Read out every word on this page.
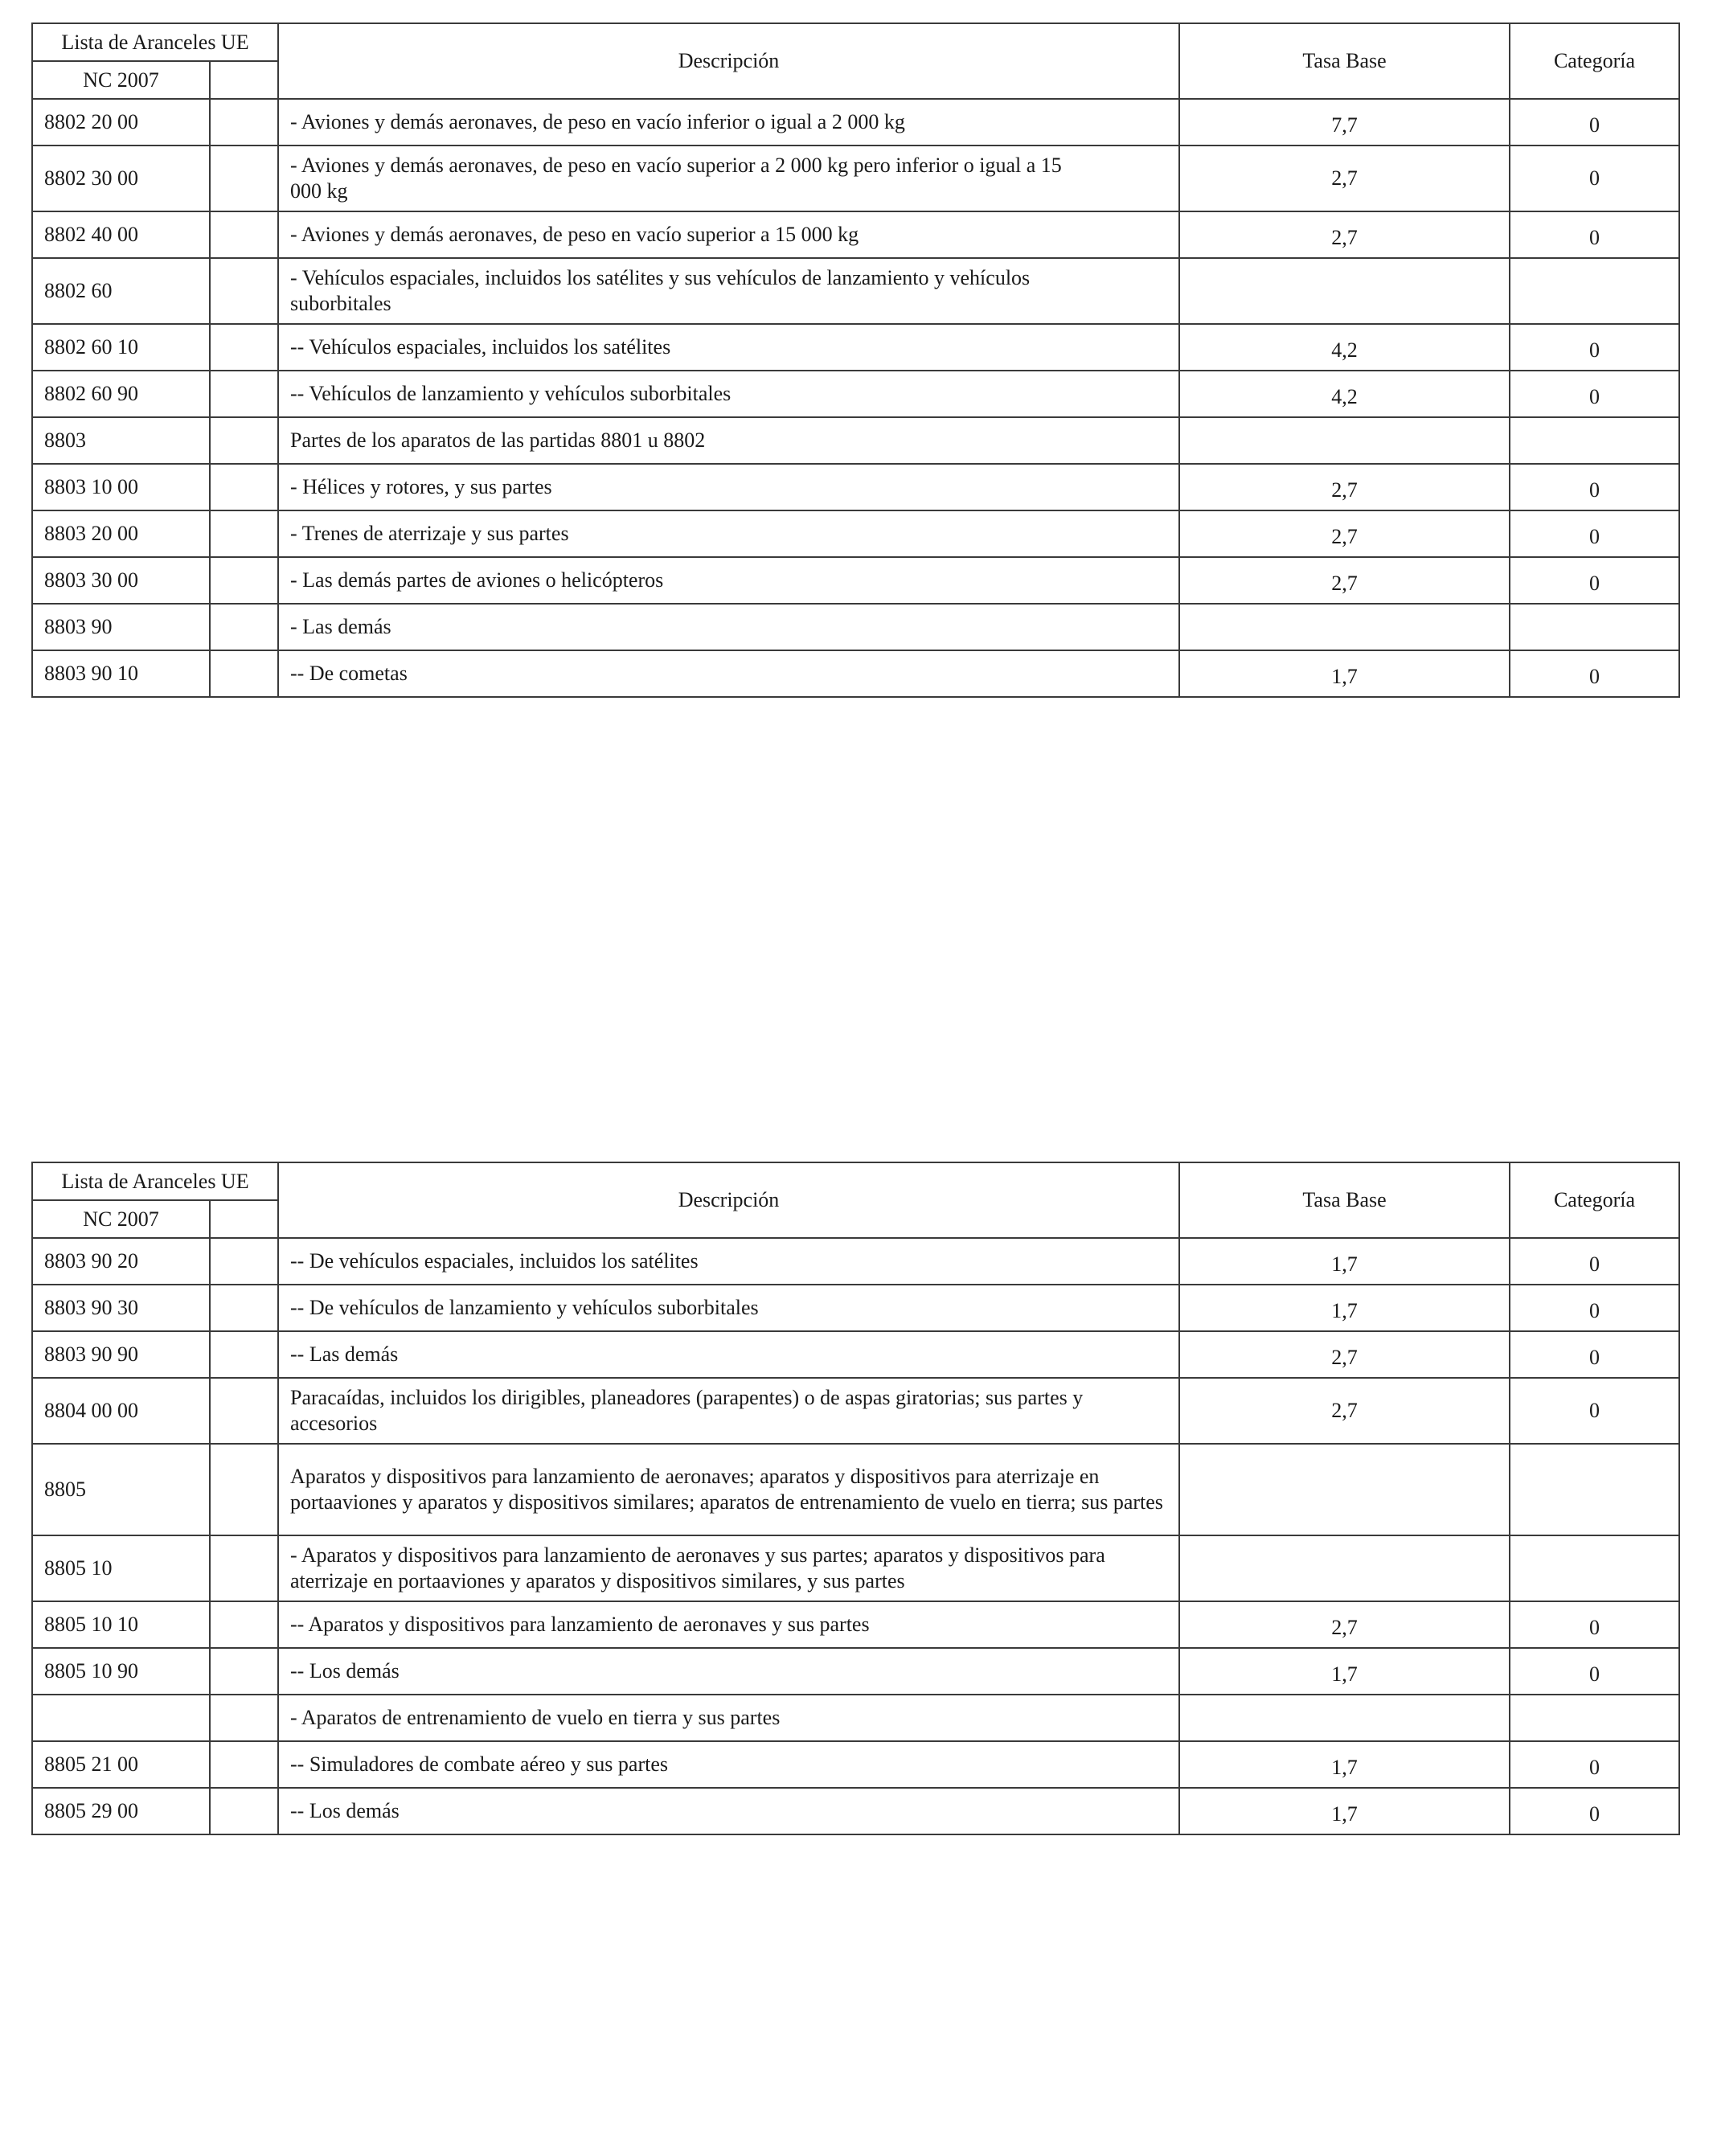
Lista de Aranceles UE		Descripción	Tasa Base	Categoría
NC 2007				
8802 20 00		- Aviones y demás aeronaves, de peso en vacío inferior o igual a 2 000 kg	7,7	0
8802 30 00		- Aviones y demás aeronaves, de peso en vacío superior a 2 000 kg pero inferior o igual a 15 000 kg	2,7	0
8802 40 00		- Aviones y demás aeronaves, de peso en vacío superior a 15 000 kg	2,7	0
8802 60		- Vehículos espaciales, incluidos los satélites y sus vehículos de lanzamiento y vehículos suborbitales		

8802 60 10		-- Vehículos espaciales, incluidos los satélites	4,2	0
8802 60 90		-- Vehículos de lanzamiento y vehículos suborbitales	4,2	0
8803		Partes de los aparatos de las partidas 8801 u 8802		
8803 10 00		- Hélices y rotores, y sus partes	2,7	0
8803 20 00		- Trenes de aterrizaje y sus partes	2,7	0
8803 30 00		- Las demás partes de aviones o helicópteros	2,7	0
8803 90		- Las demás		
8803 90 10		-- De cometas	1,7	0
Lista de Aranceles UE		Descripción	Tasa Base	Categoría
NC 2007				
8803 90 20		-- De vehículos espaciales, incluidos los satélites	1,7	0
8803 90 30		-- De vehículos de lanzamiento y vehículos suborbitales	1,7	0
8803 90 90		-- Las demás	2,7	0
8804 00 00		Paracaídas, incluidos los dirigibles, planeadores (parapentes) o de aspas giratorias; sus partes y accesorios	2,7	0
8805		Aparatos y dispositivos para lanzamiento de aeronaves; aparatos y dispositivos para aterrizaje en portaaviones y aparatos y dispositivos similares; aparatos de entrenamiento de vuelo en tierra; sus partes		
8805 10		- Aparatos y dispositivos para lanzamiento de aeronaves y sus partes; aparatos y dispositivos para aterrizaje en portaaviones y aparatos y dispositivos similares, y sus partes		
8805 10 10		-- Aparatos y dispositivos para lanzamiento de aeronaves y sus partes	2,7	0
8805 10 90		-- Los demás	1,7	0
		- Aparatos de entrenamiento de vuelo en tierra y sus partes		
8805 21 00		-- Simuladores de combate aéreo y sus partes	1,7	0
8805 29 00		-- Los demás	1,7	0
